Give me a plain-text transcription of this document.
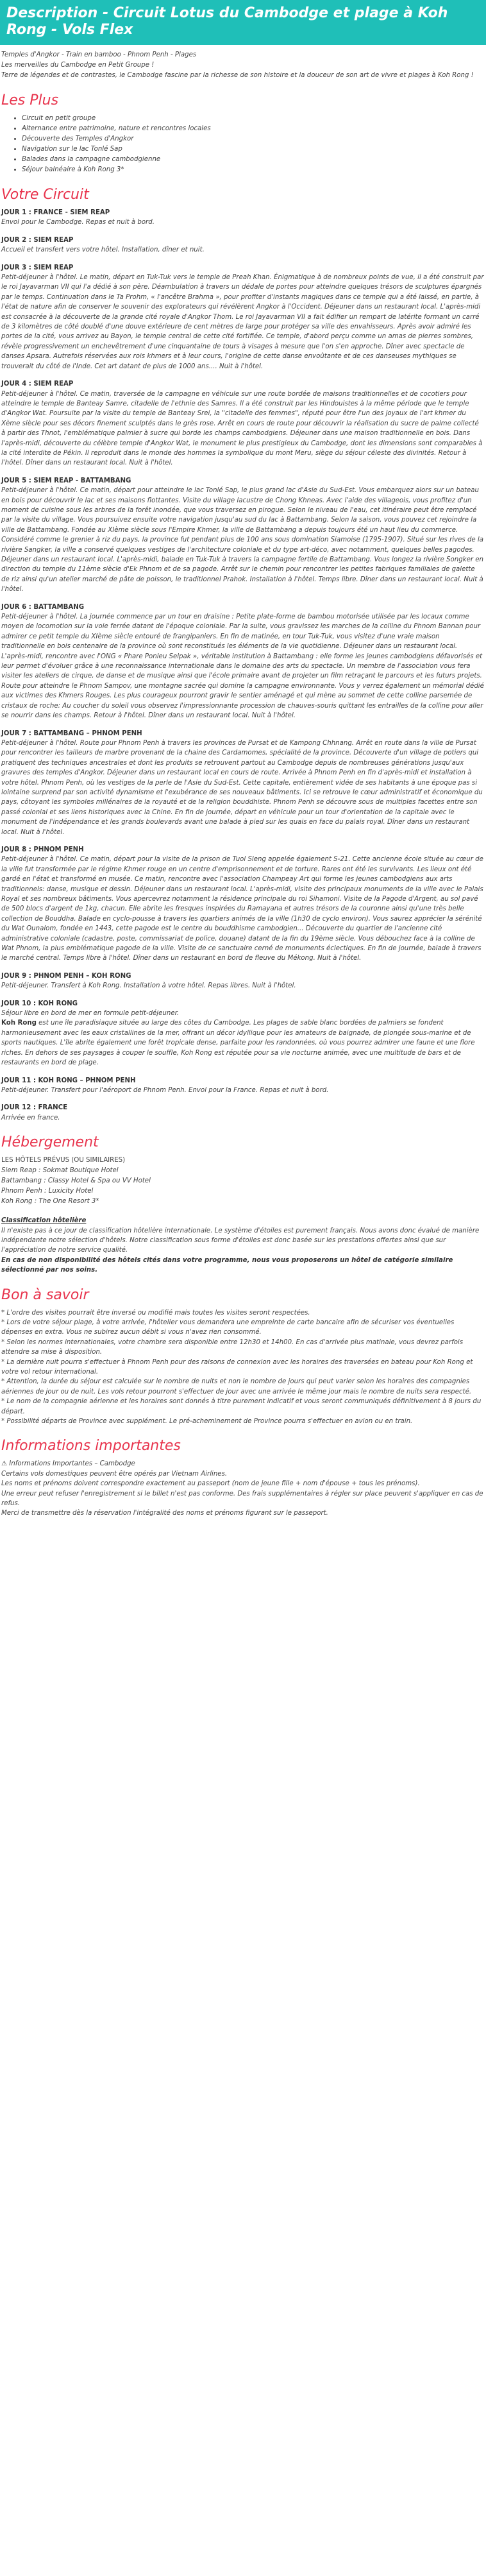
Description - Circuit Lotus du Cambodge et plage à Koh Rong - Vols Flex
Temples d'Angkor - Train en bamboo - Phnom Penh - Plages
Les merveilles du Cambodge en Petit Groupe !
Terre de légendes et de contrastes, le Cambodge fascine par la richesse de son histoire et la douceur de son art de vivre et plages à Koh Rong !
Les Plus
• Circuit en petit groupe
• Alternance entre patrimoine, nature et rencontres locales
• Découverte des Temples d'Angkor
• Navigation sur le lac Tonlé Sap
• Balades dans la campagne cambodgienne
• Séjour balnéaire à Koh Rong 3*
Votre Circuit
JOUR 1 : FRANCE - SIEM REAP
Envol pour le Cambodge. Repas et nuit à bord.
JOUR 2 : SIEM REAP
Accueil et transfert vers votre hôtel. Installation, dîner et nuit.
JOUR 3 : SIEM REAP
Petit-déjeuner à l'hôtel. Le matin, départ en Tuk-Tuk vers le temple de Preah Khan. Énigmatique à de nombreux points de vue, il a été construit par le roi Jayavarman VII qui l'a dédié à son père. Déambulation à travers un dédale de portes pour atteindre quelques trésors de sculptures épargnés par le temps. Continuation dans le Ta Prohm, « l'ancêtre Brahma », pour profiter d'instants magiques dans ce temple qui a été laissé, en partie, à l'état de nature afin de conserver le souvenir des explorateurs qui révélèrent Angkor à l'Occident. Déjeuner dans un restaurant local. L'après-midi est consacrée à la découverte de la grande cité royale d'Angkor Thom. Le roi Jayavarman VII a fait édifier un rempart de latérite formant un carré de 3 kilomètres de côté doublé d'une douve extérieure de cent mètres de large pour protéger sa ville des envahisseurs. Après avoir admiré les portes de la cité, vous arrivez au Bayon, le temple central de cette cité fortifiée. Ce temple, d'abord perçu comme un amas de pierres sombres, révèle progressivement un enchevêtrement d'une cinquantaine de tours à visages à mesure que l'on s'en approche. Dîner avec spectacle de danses Apsara. Autrefois réservées aux rois khmers et à leur cours, l'origine de cette danse envoûtante et de ces danseuses mythiques se trouverait du côté de l'Inde. Cet art datant de plus de 1000 ans.... Nuit à l'hôtel.
JOUR 4 : SIEM REAP
Petit-déjeuner à l'hôtel. Ce matin, traversée de la campagne en véhicule sur une route bordée de maisons traditionnelles et de cocotiers pour atteindre le temple de Banteay Samre, citadelle de l'ethnie des Samres. Il a été construit par les Hindouistes à la même période que le temple d'Angkor Wat. Poursuite par la visite du temple de Banteay Srei, la "citadelle des femmes", réputé pour être l'un des joyaux de l'art khmer du Xème siècle pour ses décors finement sculptés dans le grès rose. Arrêt en cours de route pour découvrir la réalisation du sucre de palme collecté à partir des Thnot, l'emblématique palmier à sucre qui borde les champs cambodgiens. Déjeuner dans une maison traditionnelle en bois. Dans l'après-midi, découverte du célèbre temple d'Angkor Wat, le monument le plus prestigieux du Cambodge, dont les dimensions sont comparables à la cité interdite de Pékin. Il reproduit dans le monde des hommes la symbolique du mont Meru, siège du séjour céleste des divinités. Retour à l'hôtel. Dîner dans un restaurant local. Nuit à l'hôtel.
JOUR 5 : SIEM REAP - BATTAMBANG
Petit-déjeuner à l'hôtel. Ce matin, départ pour atteindre le lac Tonlé Sap, le plus grand lac d'Asie du Sud-Est. Vous embarquez alors sur un bateau en bois pour découvrir le lac et ses maisons flottantes. Visite du village lacustre de Chong Khneas. Avec l'aide des villageois, vous profitez d'un moment de cuisine sous les arbres de la forêt inondée, que vous traversez en pirogue. Selon le niveau de l'eau, cet itinéraire peut être remplacé par la visite du village. Vous poursuivez ensuite votre navigation jusqu'au sud du lac à Battambang. Selon la saison, vous pouvez cet rejoindre la ville de Battambang. Fondée au XIème siècle sous l'Empire Khmer, la ville de Battambang a depuis toujours été un haut lieu du commerce. Considéré comme le grenier à riz du pays, la province fut pendant plus de 100 ans sous domination Siamoise (1795-1907). Situé sur les rives de la rivière Sangker, la ville a conservé quelques vestiges de l'architecture coloniale et du type art-déco, avec notamment, quelques belles pagodes. Déjeuner dans un restaurant local. L'après-midi, balade en Tuk-Tuk à travers la campagne fertile de Battambang. Vous longez la rivière Songker en direction du temple du 11ème siècle d'Ek Phnom et de sa pagode. Arrêt sur le chemin pour rencontrer les petites fabriques familiales de galette de riz ainsi qu'un atelier marché de pâte de poisson, le traditionnel Prahok. Installation à l'hôtel. Temps libre. Dîner dans un restaurant local. Nuit à l'hôtel.
JOUR 6 : BATTAMBANG
Petit-déjeuner à l'hôtel. La journée commence par un tour en draisine : Petite plate-forme de bambou motorisée utilisée par les locaux comme moyen de locomotion sur la voie ferrée datant de l'époque coloniale. Par la suite, vous gravissez les marches de la colline du Phnom Bannan pour admirer ce petit temple du XIème siècle entouré de frangipaniers. En fin de matinée, en tour Tuk-Tuk, vous visitez d'une vraie maison traditionnelle en bois centenaire de la province où sont reconstitués les éléments de la vie quotidienne. Déjeuner dans un restaurant local. L'après-midi, rencontre avec l'ONG « Phare Ponleu Selpak », véritable institution à Battambang : elle forme les jeunes cambodgiens défavorisés et leur permet d'évoluer grâce à une reconnaissance internationale dans le domaine des arts du spectacle. Un membre de l'association vous fera visiter les ateliers de cirque, de danse et de musique ainsi que l'école primaire avant de projeter un film retraçant le parcours et les futurs projets. Route pour atteindre le Phnom Sampov, une montagne sacrée qui domine la campagne environnante. Vous y verrez également un mémorial dédié aux victimes des Khmers Rouges. Les plus courageux pourront gravir le sentier aménagé et qui mène au sommet de cette colline parsemée de cristaux de roche: Au coucher du soleil vous observez l'impressionnante procession de chauves-souris quittant les entrailles de la colline pour aller se nourrir dans les champs. Retour à l'hôtel. Dîner dans un restaurant local. Nuit à l'hôtel.
JOUR 7 : BATTAMBANG – PHNOM PENH
Petit-déjeuner à l'hôtel. Route pour Phnom Penh à travers les provinces de Pursat et de Kampong Chhnang. Arrêt en route dans la ville de Pursat pour rencontrer les tailleurs de marbre provenant de la chaine des Cardamomes, spécialité de la province. Découverte d'un village de potiers qui pratiquent des techniques ancestrales et dont les produits se retrouvent partout au Cambodge depuis de nombreuses générations jusqu'aux gravures des temples d'Angkor. Déjeuner dans un restaurant local en cours de route. Arrivée à Phnom Penh en fin d'après-midi et installation à votre hôtel. Phnom Penh, où les vestiges de la perle de l'Asie du Sud-Est. Cette capitale, entièrement vidée de ses habitants à une époque pas si lointaine surprend par son activité dynamisme et l'exubérance de ses nouveaux bâtiments. Ici se retrouve le cœur administratif et économique du pays, côtoyant les symboles millénaires de la royauté et de la religion bouddhiste. Phnom Penh se découvre sous de multiples facettes entre son passé colonial et ses liens historiques avec la Chine. En fin de journée, départ en véhicule pour un tour d'orientation de la capitale avec le monument de l'indépendance et les grands boulevards avant une balade à pied sur les quais en face du palais royal. Dîner dans un restaurant local. Nuit à l'hôtel.
JOUR 8 : PHNOM PENH
Petit-déjeuner à l'hôtel. Ce matin, départ pour la visite de la prison de Tuol Sleng appelée également S-21. Cette ancienne école située au cœur de la ville fut transformée par le régime Khmer rouge en un centre d'emprisonnement et de torture. Rares ont été les survivants. Les lieux ont été gardé en l'état et transformé en musée. Ce matin, rencontre avec l'association Champeay Art qui forme les jeunes cambodgiens aux arts traditionnels: danse, musique et dessin. Déjeuner dans un restaurant local. L'après-midi, visite des principaux monuments de la ville avec le Palais Royal et ses nombreux bâtiments. Vous apercevrez notamment la résidence principale du roi Sihamoni. Visite de la Pagode d'Argent, au sol pavé de 500 blocs d'argent de 1kg, chacun. Elle abrite les fresques inspirées du Ramayana et autres trésors de la couronne ainsi qu'une très belle collection de Bouddha. Balade en cyclo-pousse à travers les quartiers animés de la ville (1h30 de cyclo environ). Vous saurez apprécier la sérénité du Wat Ounalom, fondée en 1443, cette pagode est le centre du bouddhisme cambodgien... Découverte du quartier de l'ancienne cité administrative coloniale (cadastre, poste, commissariat de police, douane) datant de la fin du 19ème siècle. Vous débouchez face à la colline de Wat Phnom, la plus emblématique pagode de la ville. Visite de ce sanctuaire cerné de monuments éclectiques. En fin de journée, balade à travers le marché central. Temps libre à l'hôtel. Dîner dans un restaurant en bord de fleuve du Mékong. Nuit à l'hôtel.
JOUR 9 : PHNOM PENH – KOH RONG
Petit-déjeuner. Transfert à Koh Rong. Installation à votre hôtel. Repas libres. Nuit à l'hôtel.
JOUR 10 : KOH RONG
Séjour libre en bord de mer en formule petit-déjeuner.
Koh Rong est une île paradisiaque située au large des côtes du Cambodge. Les plages de sable blanc bordées de palmiers se fondent harmonieusement avec les eaux cristallines de la mer, offrant un décor idyllique pour les amateurs de baignade, de plongée sous-marine et de sports nautiques. L'île abrite également une forêt tropicale dense, parfaite pour les randonnées, où vous pourrez admirer une faune et une flore riches. En dehors de ses paysages à couper le souffle, Koh Rong est réputée pour sa vie nocturne animée, avec une multitude de bars et de restaurants en bord de plage.
JOUR 11 : KOH RONG – PHNOM PENH
Petit-déjeuner. Transfert pour l'aéroport de Phnom Penh. Envol pour la France. Repas et nuit à bord.
JOUR 12 : FRANCE
Arrivée en france.
Hébergement
LES HÔTELS PRÉVUS (OU SIMILAIRES)
Siem Reap : Sokmat Boutique Hotel
Battambang : Classy Hotel & Spa ou VV Hotel
Phnom Penh : Luxicity Hotel
Koh Rong : The One Resort 3*
Classification hôtelière
Il n'existe pas à ce jour de classification hôtelière internationale. Le système d'étoiles est purement français. Nous avons donc évalué de manière indépendante notre sélection d'hôtels. Notre classification sous forme d'étoiles est donc basée sur les prestations offertes ainsi que sur l'appréciation de notre service qualité.
En cas de non disponibilité des hôtels cités dans votre programme, nous vous proposerons un hôtel de catégorie similaire sélectionné par nos soins.
Bon à savoir
* L'ordre des visites pourrait être inversé ou modifié mais toutes les visites seront respectées.
* Lors de votre séjour plage, à votre arrivée, l'hôtelier vous demandera une empreinte de carte bancaire afin de sécuriser vos éventuelles dépenses en extra. Vous ne subirez aucun débit si vous n'avez rien consommé.
* Selon les normes internationales, votre chambre sera disponible entre 12h30 et 14h00. En cas d'arrivée plus matinale, vous devrez parfois attendre sa mise à disposition.
* La dernière nuit pourra s'effectuer à Phnom Penh pour des raisons de connexion avec les horaires des traversées en bateau pour Koh Rong et votre vol retour international.
* Attention, la durée du séjour est calculée sur le nombre de nuits et non le nombre de jours qui peut varier selon les horaires des compagnies aériennes de jour ou de nuit. Les vols retour pourront s'effectuer de jour avec une arrivée le même jour mais le nombre de nuits sera respecté.
* Le nom de la compagnie aérienne et les horaires sont donnés à titre purement indicatif et vous seront communiqués définitivement à 8 jours du départ.
* Possibilité départs de Province avec supplément. Le pré-acheminement de Province pourra s'effectuer en avion ou en train.
Informations importantes
⚠ Informations Importantes – Cambodge
Certains vols domestiques peuvent être opérés par Vietnam Airlines.
Les noms et prénoms doivent correspondre exactement au passeport (nom de jeune fille + nom d'épouse + tous les prénoms).
Une erreur peut refuser l'enregistrement si le billet n'est pas conforme. Des frais supplémentaires à régler sur place peuvent s'appliquer en cas de refus.
Merci de transmettre dès la réservation l'intégralité des noms et prénoms figurant sur le passeport.
